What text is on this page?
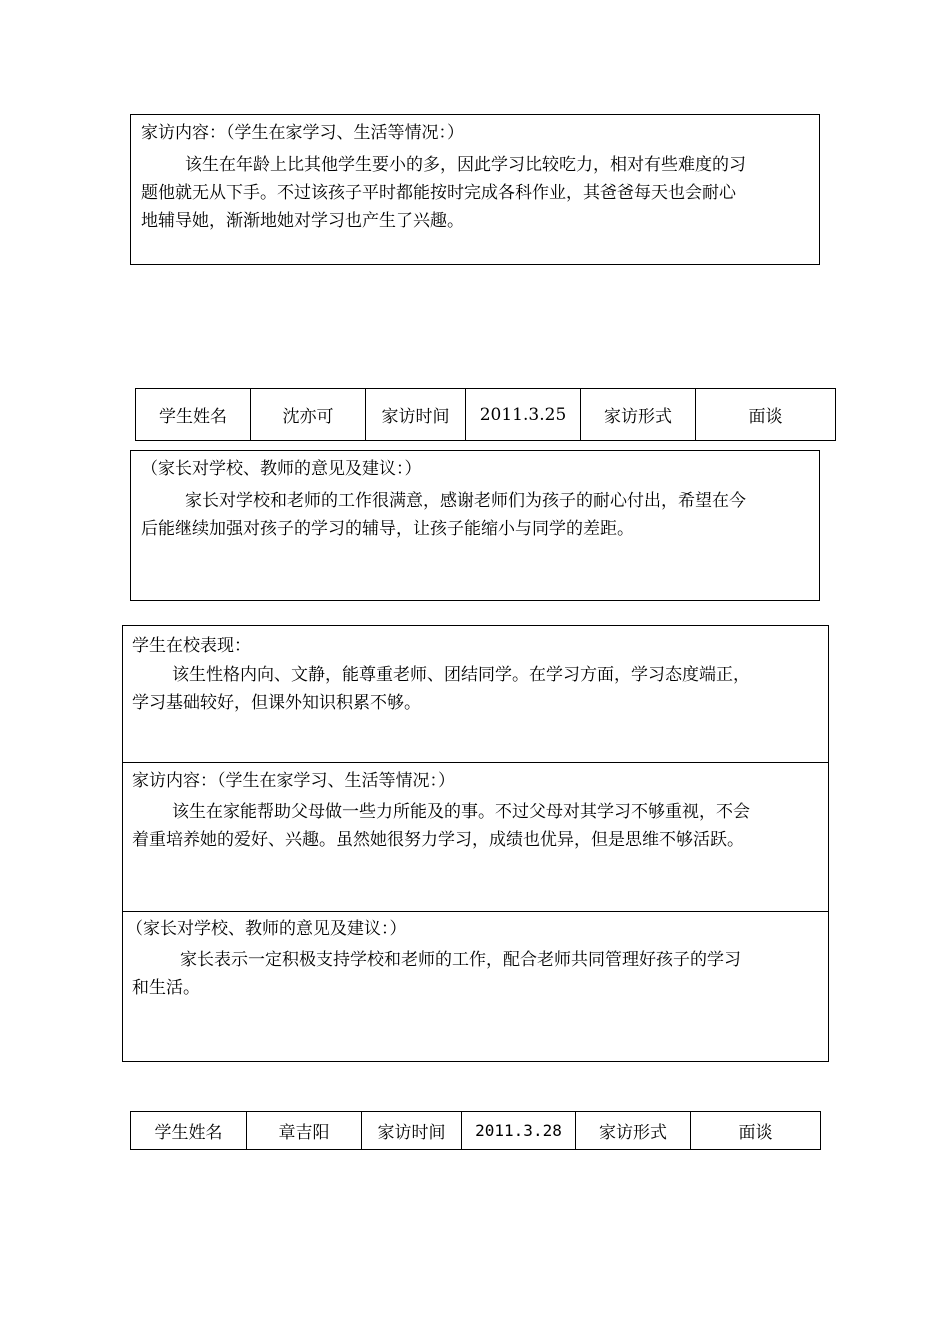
家访内容：（学生在家学习、生活等情况：）
该生在年龄上比其他学生要小的多，因此学习比较吃力，相对有些难度的习
题他就无从下手。不过该孩子平时都能按时完成各科作业，其爸爸每天也会耐心
地辅导她，渐渐地她对学习也产生了兴趣。
学生姓名	沈亦可	家访时间	2011.3.25	家访形式	面谈
（家长对学校、教师的意见及建议：）
家长对学校和老师的工作很满意，感谢老师们为孩子的耐心付出，希望在今
后能继续加强对孩子的学习的辅导，让孩子能缩小与同学的差距。
学生在校表现：
该生性格内向、文静，能尊重老师、团结同学。在学习方面，学习态度端正，
学习基础较好，但课外知识积累不够。
家访内容：（学生在家学习、生活等情况：）
该生在家能帮助父母做一些力所能及的事。不过父母对其学习不够重视，不会
着重培养她的爱好、兴趣。虽然她很努力学习，成绩也优异，但是思维不够活跃。
（家长对学校、教师的意见及建议：）
家长表示一定积极支持学校和老师的工作，配合老师共同管理好孩子的学习
和生活。
学生姓名	章吉阳	家访时间	2011.3.28	家访形式	面谈
